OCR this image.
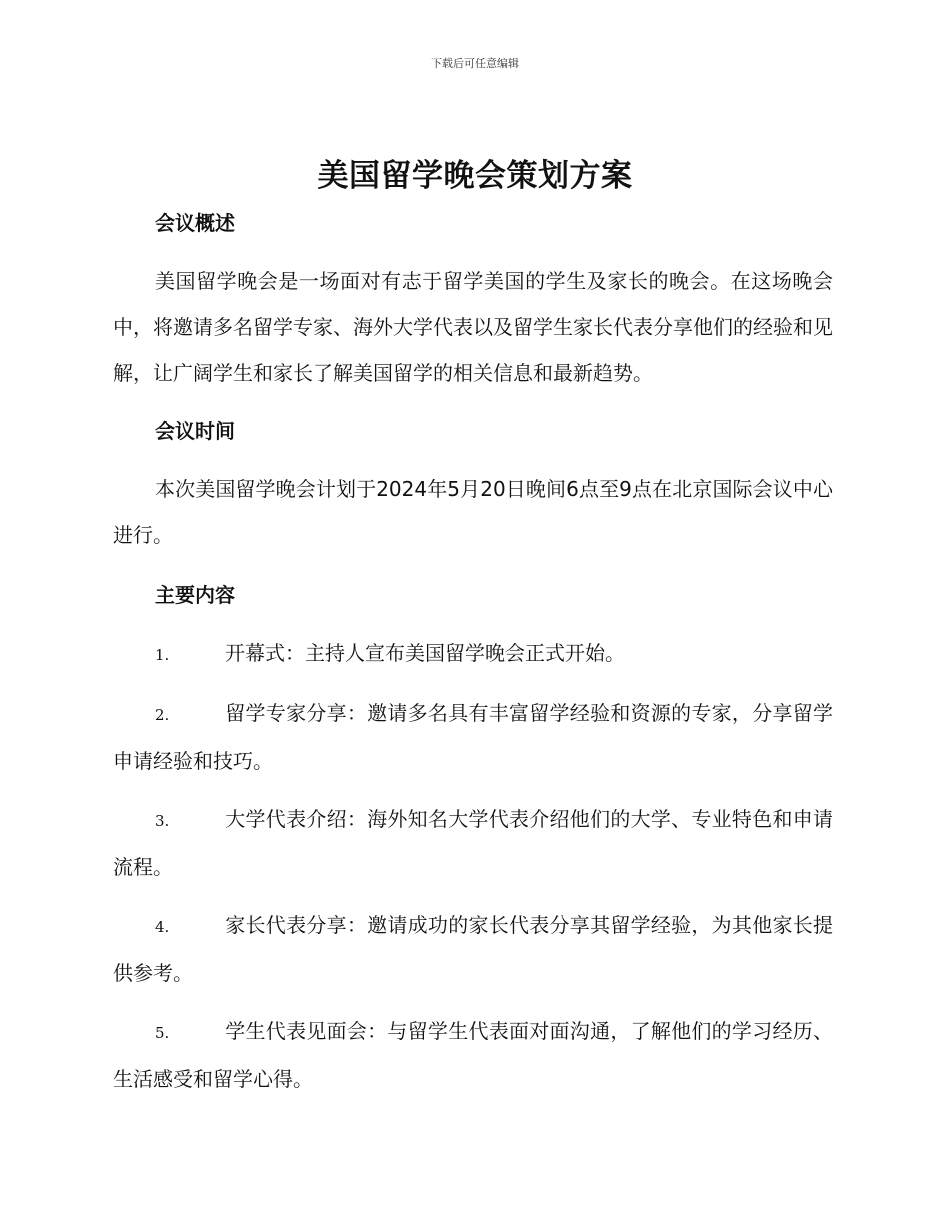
下载后可任意编辑
美国留学晚会策划方案
会议概述

美国留学晚会是一场面对有志于留学美国的学生及家长的晚会。在这场晚会中，将邀请多名留学专家、海外大学代表以及留学生家长代表分享他们的经验和见解，让广阔学生和家长了解美国留学的相关信息和最新趋势。

会议时间

本次美国留学晚会计划于2024年5月20日晚间6点至9点在北京国际会议中心进行。

主要内容
1.	开幕式：主持人宣布美国留学晚会正式开始。
2.	留学专家分享：邀请多名具有丰富留学经验和资源的专家，分享留学申请经验和技巧。
3.	大学代表介绍：海外知名大学代表介绍他们的大学、专业特色和申请流程。
4.	家长代表分享：邀请成功的家长代表分享其留学经验，为其他家长提供参考。
5.	学生代表见面会：与留学生代表面对面沟通，了解他们的学习经历、生活感受和留学心得。
